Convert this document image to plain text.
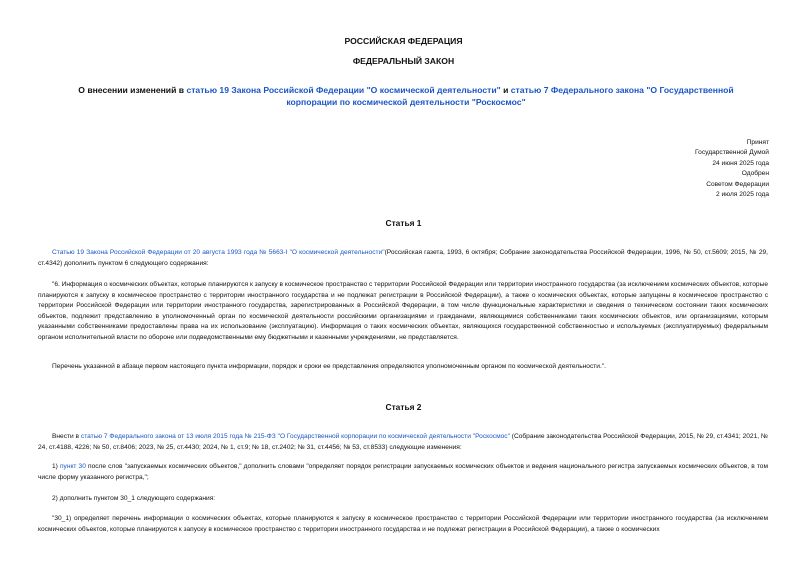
РОССИЙСКАЯ ФЕДЕРАЦИЯ
ФЕДЕРАЛЬНЫЙ ЗАКОН
О внесении изменений в статью 19 Закона Российской Федерации "О космической деятельности" и статью 7 Федерального закона "О Государственной корпорации по космической деятельности "Роскосмос"
Принят
Государственной Думой
24 июня 2025 года
Одобрен
Советом Федерации
2 июля 2025 года
Статья 1
Статью 19 Закона Российской Федерации от 20 августа 1993 года № 5663-I "О космической деятельности"(Российская газета, 1993, 6 октября; Собрание законодательства Российской Федерации, 1996, № 50, ст.5609; 2015, № 29, ст.4342) дополнить пунктом 6 следующего содержания:
"6. Информация о космических объектах, которые планируются к запуску в космическое пространство с территории Российской Федерации или территории иностранного государства (за исключением космических объектов, которые планируются к запуску в космическое пространство с территории иностранного государства и не подлежат регистрации в Российской Федерации), а также о космических объектах, которые запущены в космическое пространство с территории Российской Федерации или территории иностранного государства, зарегистрированных в Российской Федерации, в том числе функциональные характеристики и сведения о техническом состоянии таких космических объектов, подлежит представлению в уполномоченный орган по космической деятельности российскими организациями и гражданами, являющимися собственниками таких космических объектов, или организациями, которым указанными собственниками предоставлены права на их использование (эксплуатацию). Информация о таких космических объектах, являющихся государственной собственностью и используемых (эксплуатируемых) федеральным органом исполнительной власти по обороне или подведомственными ему бюджетными и казенными учреждениями, не представляется.
Перечень указанной в абзаце первом настоящего пункта информации, порядок и сроки ее представления определяются уполномоченным органом по космической деятельности.".
Статья 2
Внести в статью 7 Федерального закона от 13 июля 2015 года № 215-ФЗ "О Государственной корпорации по космической деятельности "Роскосмос" (Собрание законодательства Российской Федерации, 2015, № 29, ст.4341; 2021, № 24, ст.4188, 4226; № 50, ст.8406; 2023, № 25, ст.4430; 2024, № 1, ст.9; № 18, ст.2402; № 31, ст.4456; № 53, ст.8533) следующие изменения:
1) пункт 30 после слов "запускаемых космических объектов," дополнить словами "определяет порядок регистрации запускаемых космических объектов и ведения национального регистра запускаемых космических объектов, в том числе форму указанного регистра,";
2) дополнить пунктом 30_1 следующего содержания:
"30_1) определяет перечень информации о космических объектах, которые планируются к запуску в космическое пространство с территории Российской Федерации или территории иностранного государства (за исключением космических объектов, которые планируются к запуску в космическое пространство с территории иностранного государства и не подлежат регистрации в Российской Федерации), а также о космических
